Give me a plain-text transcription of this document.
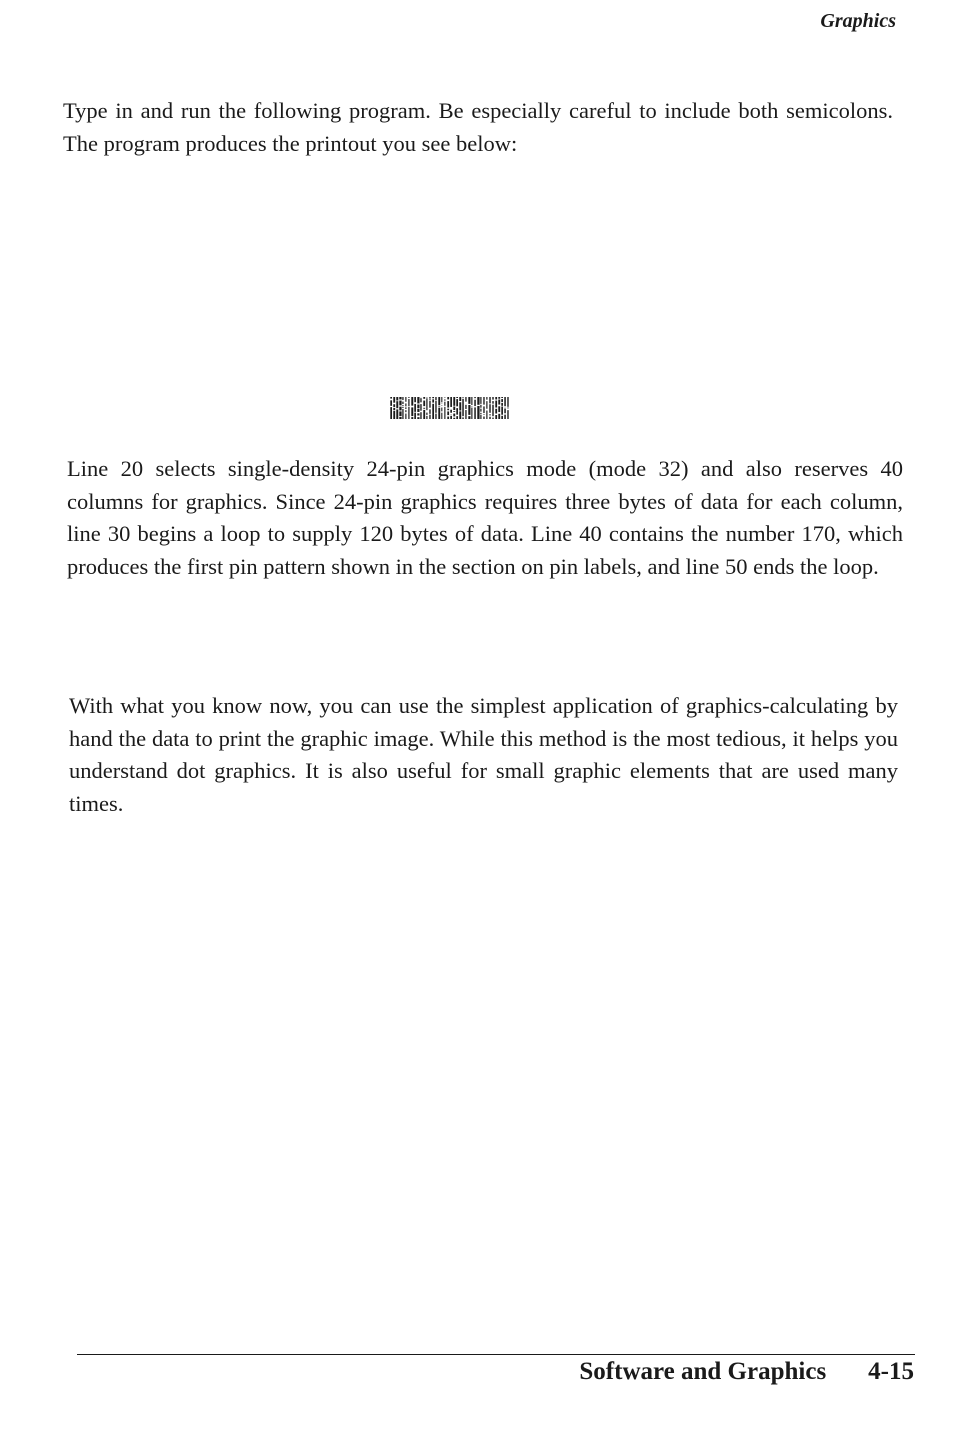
Graphics

Type in and run the following program. Be especially careful to include both semicolons. The program produces the printout you see below:

Line 20 selects single-density 24-pin graphics mode (mode 32) and also reserves 40 columns for graphics. Since 24-pin graphics requires three bytes of data for each column, line 30 begins a loop to supply 120 bytes of data. Line 40 contains the number 170, which produces the first pin pattern shown in the section on pin labels, and line 50 ends the loop.

With what you know now, you can use the simplest application of graphics-calculating by hand the data to print the graphic image. While this method is the most tedious, it helps you understand dot graphics. It is also useful for small graphic elements that are used many times.

Software and Graphics 4-15
